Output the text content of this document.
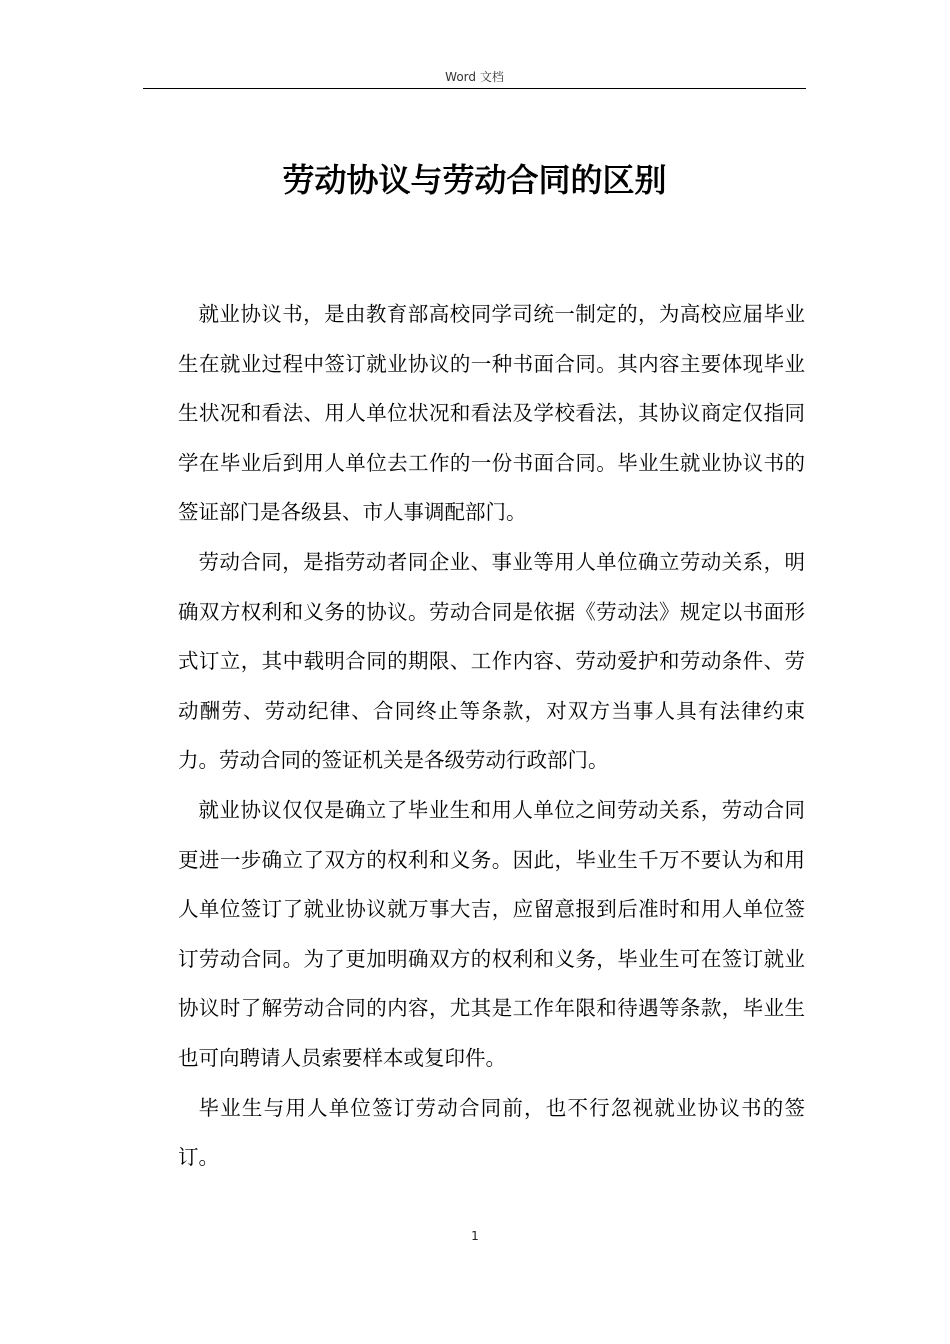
Word 文档
劳动协议与劳动合同的区别

就业协议书，是由教育部高校同学司统一制定的，为高校应届毕业生在就业过程中签订就业协议的一种书面合同。其内容主要体现毕业生状况和看法、用人单位状况和看法及学校看法，其协议商定仅指同学在毕业后到用人单位去工作的一份书面合同。毕业生就业协议书的签证部门是各级县、市人事调配部门。

劳动合同，是指劳动者同企业、事业等用人单位确立劳动关系，明确双方权利和义务的协议。劳动合同是依据《劳动法》规定以书面形式订立，其中载明合同的期限、工作内容、劳动爱护和劳动条件、劳动酬劳、劳动纪律、合同终止等条款，对双方当事人具有法律约束力。劳动合同的签证机关是各级劳动行政部门。

就业协议仅仅是确立了毕业生和用人单位之间劳动关系，劳动合同更进一步确立了双方的权利和义务。因此，毕业生千万不要认为和用人单位签订了就业协议就万事大吉，应留意报到后准时和用人单位签订劳动合同。为了更加明确双方的权利和义务，毕业生可在签订就业协议时了解劳动合同的内容，尤其是工作年限和待遇等条款，毕业生也可向聘请人员索要样本或复印件。

毕业生与用人单位签订劳动合同前，也不行忽视就业协议书的签订。

1
